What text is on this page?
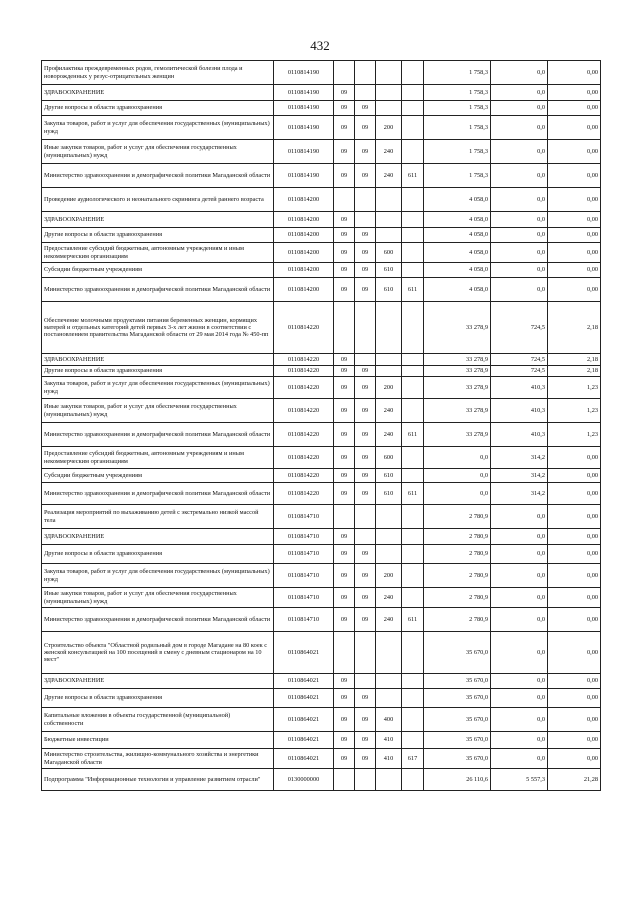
432
Профилактика преждевременных родов, гемолитической болезни плода и новорожденных у резус-отрицательных женщин	0110814190					1 758,3	0,0	0,00
ЗДРАВООХРАНЕНИЕ	0110814190	09				1 758,3	0,0	0,00
Другие вопросы в области здравоохранения	0110814190	09	09			1 758,3	0,0	0,00
Закупка товаров, работ и услуг для обеспечения государственных (муниципальных) нужд	0110814190	09	09	200		1 758,3	0,0	0,00
Иные закупки товаров, работ и услуг для обеспечения государственных (муниципальных) нужд	0110814190	09	09	240		1 758,3	0,0	0,00
Министерство здравоохранения и демографической политики Магаданской области	0110814190	09	09	240	611	1 758,3	0,0	0,00
Проведение аудиологического и неонатального скрининга детей раннего возраста	0110814200					4 058,0	0,0	0,00
ЗДРАВООХРАНЕНИЕ	0110814200	09				4 058,0	0,0	0,00
Другие вопросы в области здравоохранения	0110814200	09	09			4 058,0	0,0	0,00
Предоставление субсидий бюджетным, автономным учреждениям и иным некоммерческим организациям	0110814200	09	09	600		4 058,0	0,0	0,00
Субсидии бюджетным учреждениям	0110814200	09	09	610		4 058,0	0,0	0,00
Министерство здравоохранения и демографической политики Магаданской области	0110814200	09	09	610	611	4 058,0	0,0	0,00
Обеспечение молочными продуктами питания беременных женщин, кормящих матерей и отдельных категорий детей первых 3-х лет жизни в соответствии с постановлением правительства Магаданской области от 29 мая 2014 года № 450-пп	0110814220					33 278,9	724,5	2,18
ЗДРАВООХРАНЕНИЕ	0110814220	09				33 278,9	724,5	2,18
Другие вопросы в области здравоохранения	0110814220	09	09			33 278,9	724,5	2,18
Закупка товаров, работ и услуг для обеспечения государственных (муниципальных) нужд	0110814220	09	09	200		33 278,9	410,3	1,23
Иные закупки товаров, работ и услуг для обеспечения государственных (муниципальных) нужд	0110814220	09	09	240		33 278,9	410,3	1,23
Министерство здравоохранения и демографической политики Магаданской области	0110814220	09	09	240	611	33 278,9	410,3	1,23
Предоставление субсидий бюджетным, автономным учреждениям и иным некоммерческим организациям	0110814220	09	09	600		0,0	314,2	0,00
Субсидии бюджетным учреждениям	0110814220	09	09	610		0,0	314,2	0,00
Министерство здравоохранения и демографической политики Магаданской области	0110814220	09	09	610	611	0,0	314,2	0,00
Реализация мероприятий по выхаживанию детей с экстремально низкой массой тела	0110814710					2 780,9	0,0	0,00
ЗДРАВООХРАНЕНИЕ	0110814710	09				2 780,9	0,0	0,00
Другие вопросы в области здравоохранения	0110814710	09	09			2 780,9	0,0	0,00
Закупка товаров, работ и услуг для обеспечения государственных (муниципальных) нужд	0110814710	09	09	200		2 780,9	0,0	0,00
Иные закупки товаров, работ и услуг для обеспечения государственных (муниципальных) нужд	0110814710	09	09	240		2 780,9	0,0	0,00
Министерство здравоохранения и демографической политики Магаданской области	0110814710	09	09	240	611	2 780,9	0,0	0,00
Строительство объекта "Областной родильный дом в городе Магадане на 80 коек с женской консультацией на 100 посещений в смену с дневным стационаром на 10 мест"	0110864021					35 670,0	0,0	0,00
ЗДРАВООХРАНЕНИЕ	0110864021	09				35 670,0	0,0	0,00
Другие вопросы в области здравоохранения	0110864021	09	09			35 670,0	0,0	0,00
Капитальные вложения в объекты государственной (муниципальной) собственности	0110864021	09	09	400		35 670,0	0,0	0,00
Бюджетные инвестиции	0110864021	09	09	410		35 670,0	0,0	0,00
Министерство строительства, жилищно-коммунального хозяйства и энергетики Магаданской области	0110864021	09	09	410	617	35 670,0	0,0	0,00
Подпрограмма "Информационные технологии и управление развитием отрасли"	0130000000					26 110,6	5 557,3	21,28
